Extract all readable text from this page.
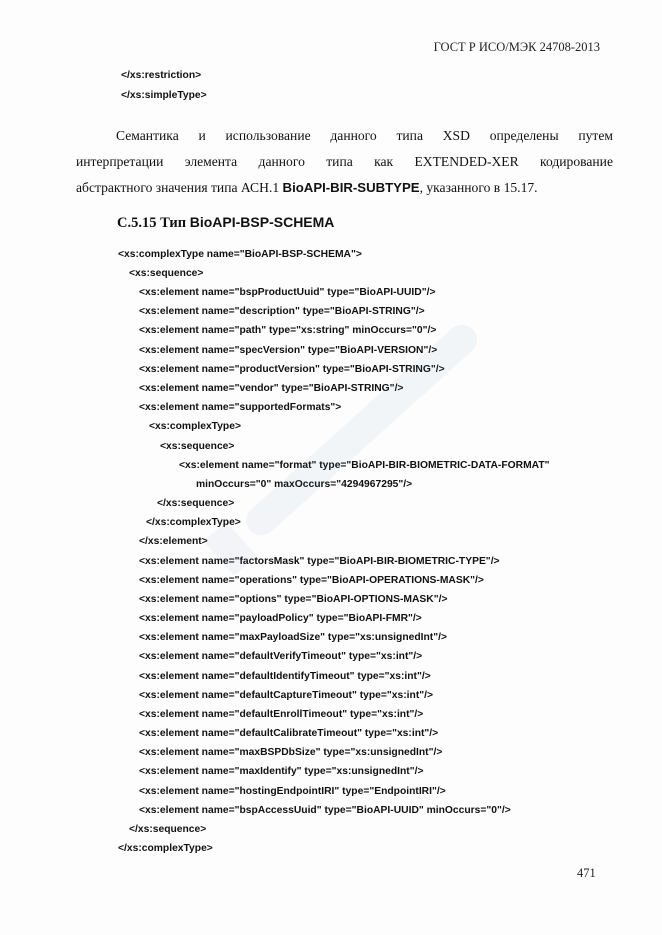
ГОСТ Р ИСО/МЭК 24708-2013
</xs:restriction>
</xs:simpleType>
Семантика и использование данного типа XSD определены путем
интерпретации элемента данного типа как EXTENDED-XER кодирование
абстрактного значения типа АСН.1 BioAPI-BIR-SUBTYPE, указанного в 15.17.
С.5.15 Тип BioAPI-BSP-SCHEMA
<xs:complexType name="BioAPI-BSP-SCHEMA">
<xs:sequence>
<xs:element name="bspProductUuid" type="BioAPI-UUID"/>
<xs:element name="description" type="BioAPI-STRING"/>
<xs:element name="path" type="xs:string" minOccurs="0"/>
<xs:element name="specVersion" type="BioAPI-VERSION"/>
<xs:element name="productVersion" type="BioAPI-STRING"/>
<xs:element name="vendor" type="BioAPI-STRING"/>
<xs:element name="supportedFormats">
<xs:complexType>
<xs:sequence>
<xs:element name="format" type="BioAPI-BIR-BIOMETRIC-DATA-FORMAT"
minOccurs="0" maxOccurs="4294967295"/>
</xs:sequence>
</xs:complexType>
</xs:element>
<xs:element name="factorsMask" type="BioAPI-BIR-BIOMETRIC-TYPE"/>
<xs:element name="operations" type="BioAPI-OPERATIONS-MASK"/>
<xs:element name="options" type="BioAPI-OPTIONS-MASK"/>
<xs:element name="payloadPolicy" type="BioAPI-FMR"/>
<xs:element name="maxPayloadSize" type="xs:unsignedInt"/>
<xs:element name="defaultVerifyTimeout" type="xs:int"/>
<xs:element name="defaultIdentifyTimeout" type="xs:int"/>
<xs:element name="defaultCaptureTimeout" type="xs:int"/>
<xs:element name="defaultEnrollTimeout" type="xs:int"/>
<xs:element name="defaultCalibrateTimeout" type="xs:int"/>
<xs:element name="maxBSPDbSize" type="xs:unsignedInt"/>
<xs:element name="maxIdentify" type="xs:unsignedInt"/>
<xs:element name="hostingEndpointIRI" type="EndpointIRI"/>
<xs:element name="bspAccessUuid" type="BioAPI-UUID" minOccurs="0"/>
</xs:sequence>
</xs:complexType>
471
